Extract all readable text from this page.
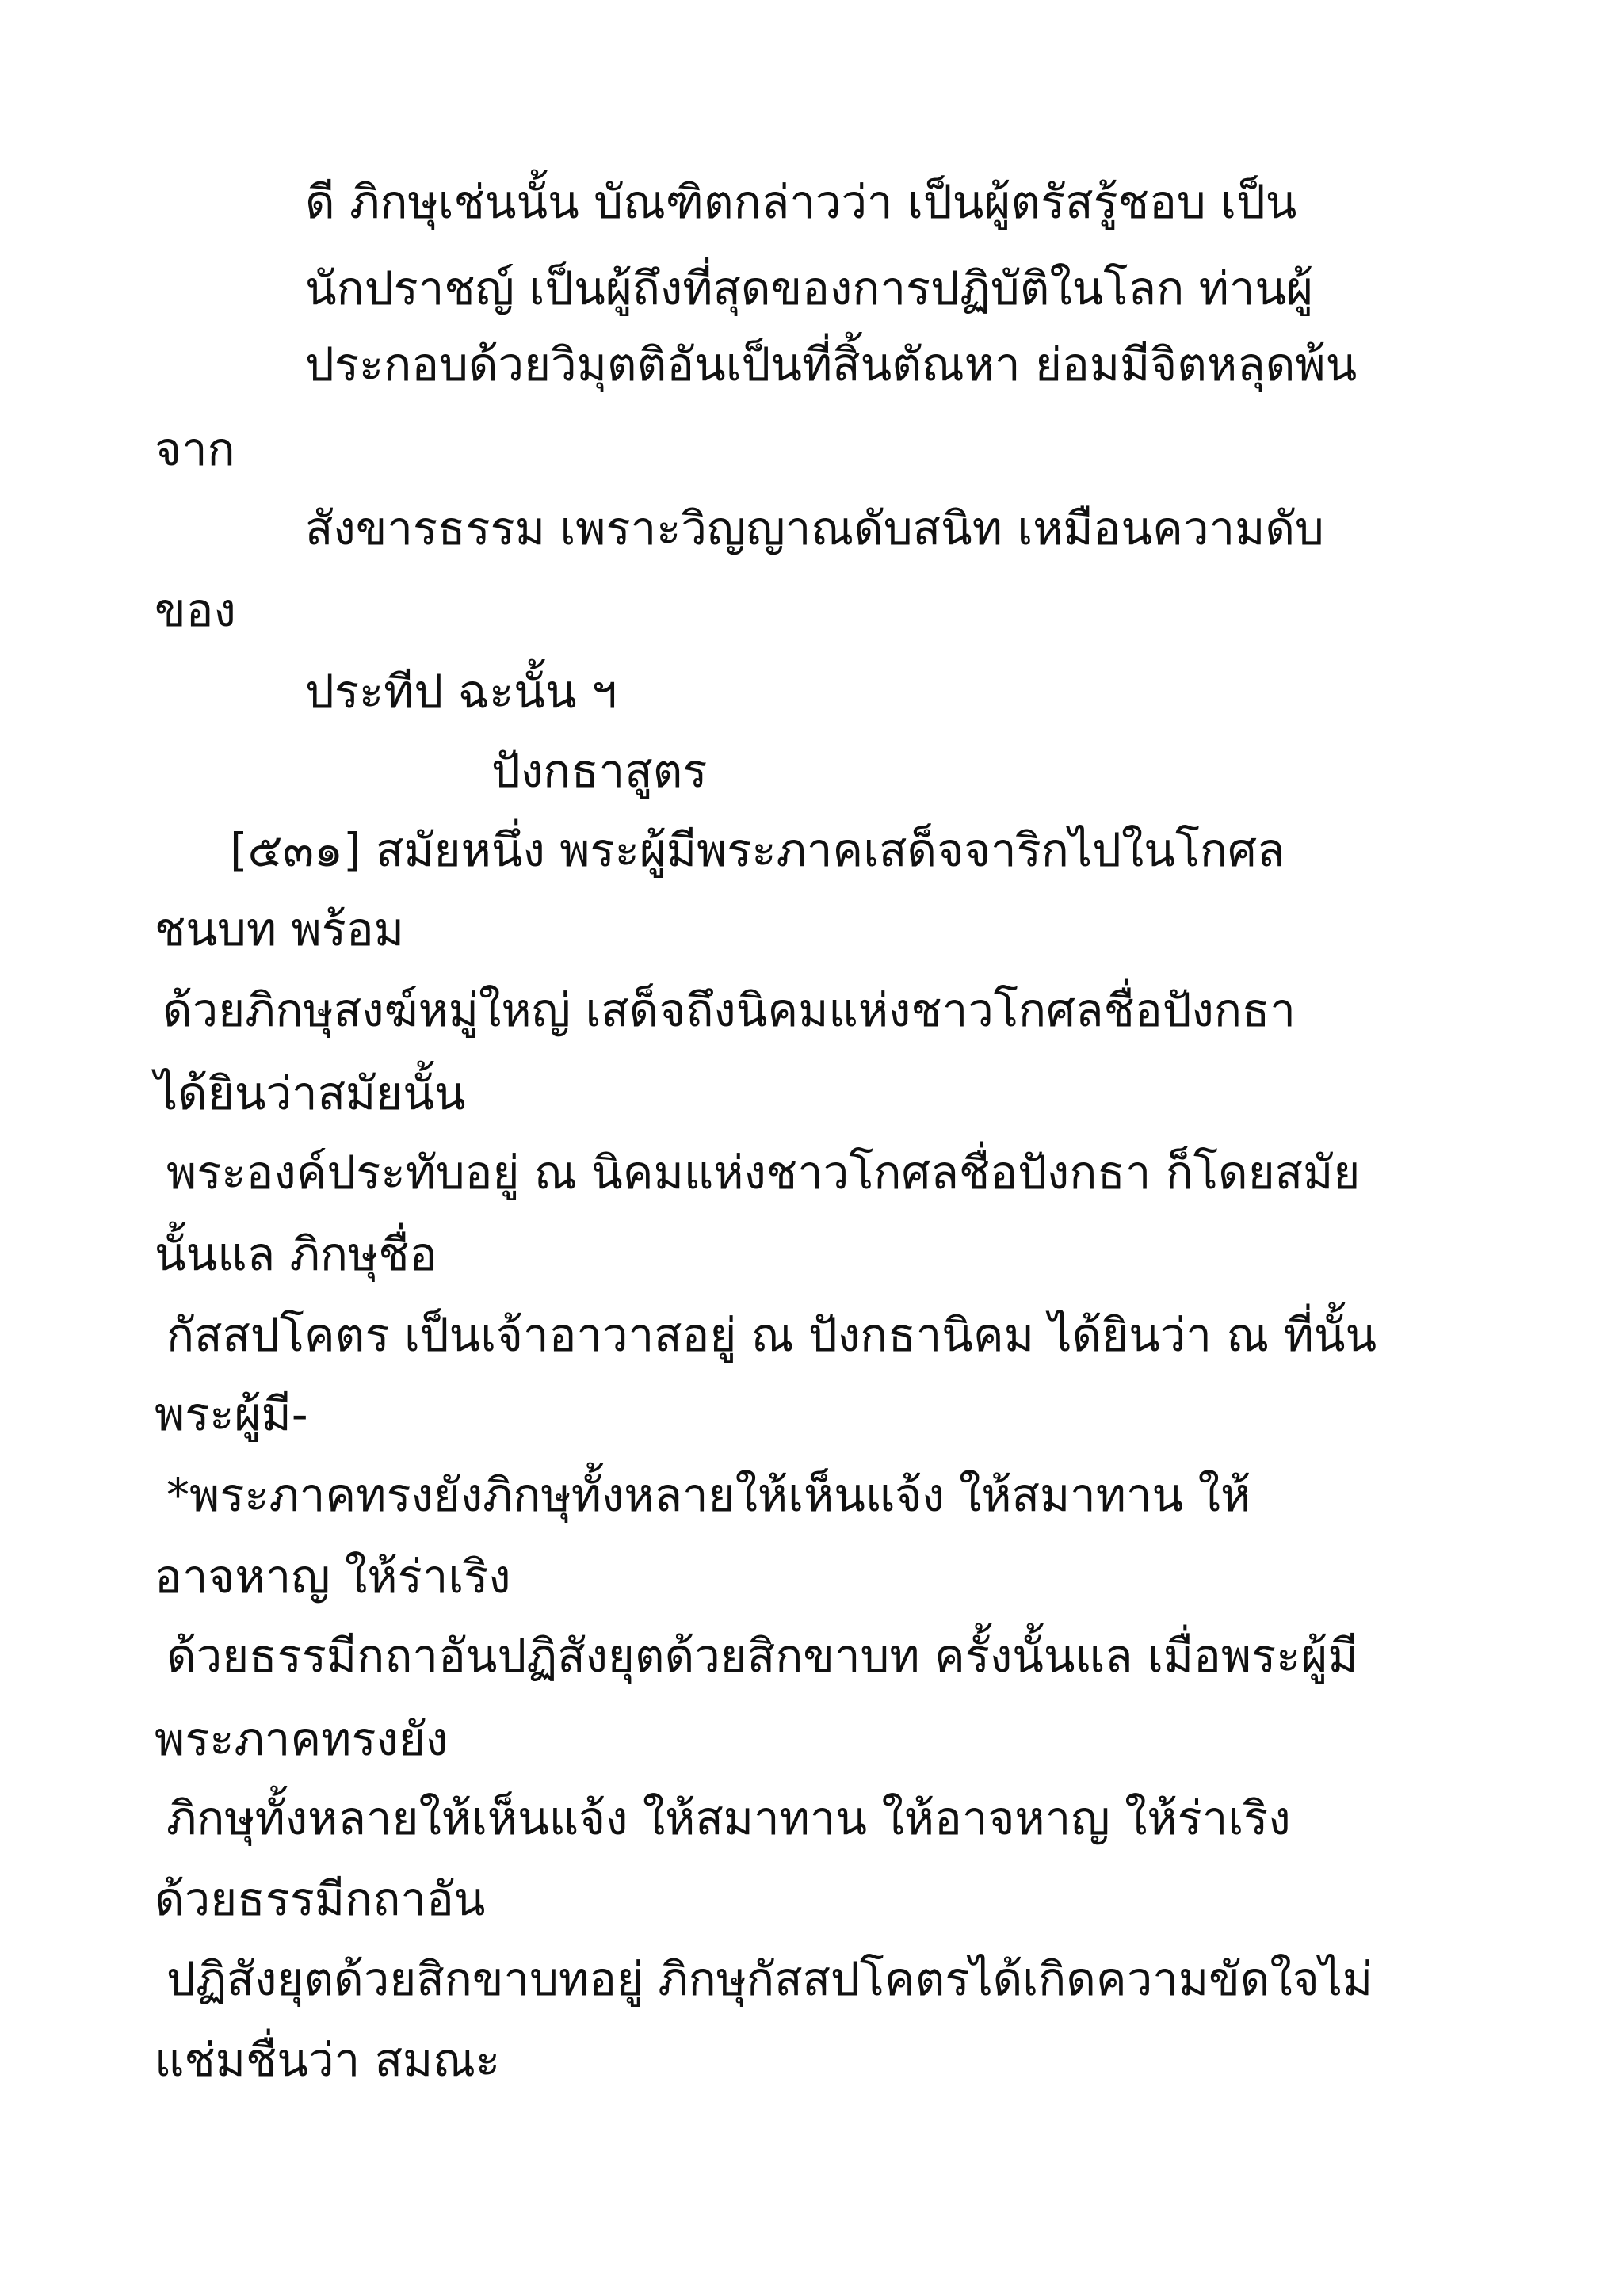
ดี ภิกษุเช่นนั้น บัณฑิตกล่าวว่า เป็นผู้ตรัสรู้ชอบ เป็น
นักปราชญ์ เป็นผู้ถึงที่สุดของการปฏิบัติในโลก ท่านผู้
ประกอบด้วยวิมุตติอันเป็นที่สิ้นตัณหา ย่อมมีจิตหลุดพ้น
จาก
สังขารธรรม เพราะวิญญาณดับสนิท เหมือนความดับ
ของ
ประทีป ฉะนั้น ฯ
ปังกธาสูตร
[๕๓๑] สมัยหนึ่ง พระผู้มีพระภาคเสด็จจาริกไปในโกศล
ชนบท พร้อม
ด้วยภิกษุสงฆ์หมู่ใหญ่ เสด็จถึงนิคมแห่งชาวโกศลชื่อปังกธา
ได้ยินว่าสมัยนั้น
พระองค์ประทับอยู่ ณ นิคมแห่งชาวโกศลชื่อปังกธา ก็โดยสมัย
นั้นแล ภิกษุชื่อ
กัสสปโคตร เป็นเจ้าอาวาสอยู่ ณ ปังกธานิคม ได้ยินว่า ณ ที่นั้น
พระผู้มี-
*พระภาคทรงยังภิกษุทั้งหลายให้เห็นแจ้ง ให้สมาทาน ให้
อาจหาญ ให้ร่าเริง
ด้วยธรรมีกถาอันปฏิสังยุตด้วยสิกขาบท ครั้งนั้นแล เมื่อพระผู้มี
พระภาคทรงยัง
ภิกษุทั้งหลายให้เห็นแจ้ง ให้สมาทาน ให้อาจหาญ ให้ร่าเริง
ด้วยธรรมีกถาอัน
ปฏิสังยุตด้วยสิกขาบทอยู่ ภิกษุกัสสปโคตรได้เกิดความขัดใจไม่
แช่มชื่นว่า สมณะ
